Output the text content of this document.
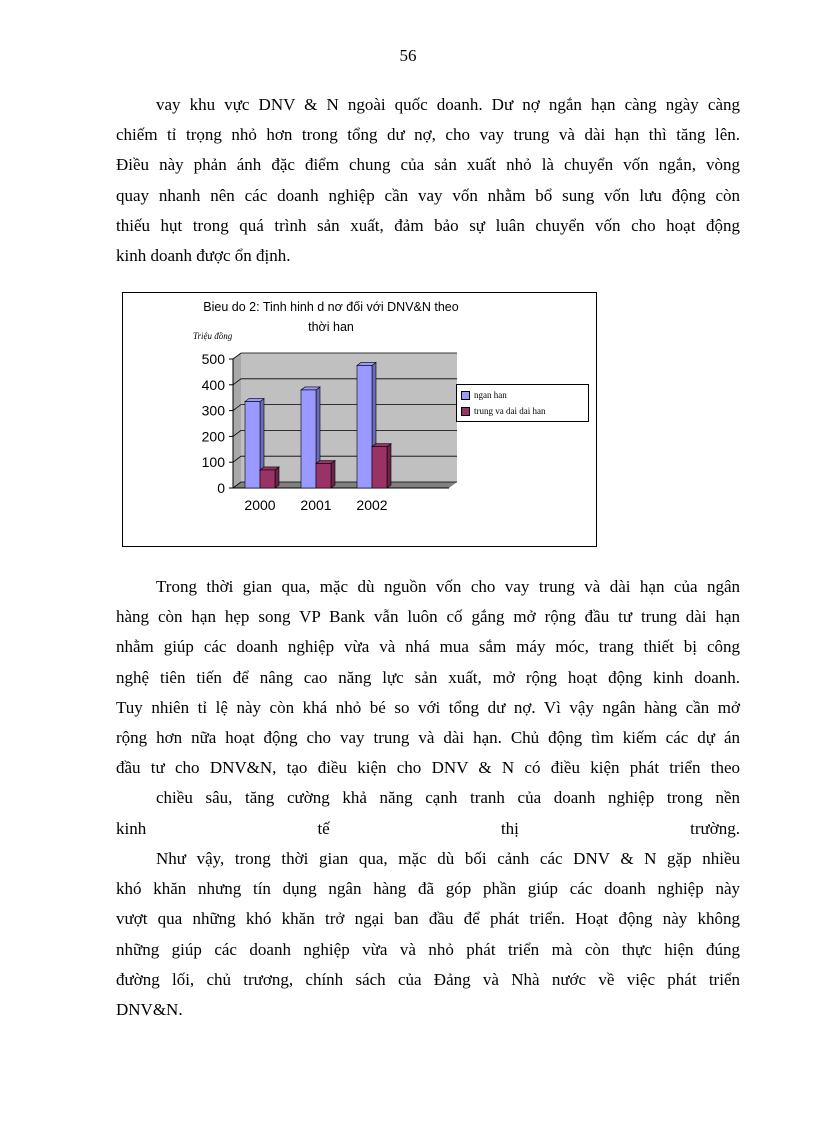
56
vay khu vực DNV & N ngoài quốc doanh. Dư nợ ngắn hạn càng ngày càng
chiếm tỉ trọng nhỏ hơn trong tổng dư nợ, cho vay trung và dài hạn thì tăng lên.
Điều này phản ánh đặc điểm chung của sản xuất nhỏ là chuyển vốn ngắn, vòng
quay nhanh nên các doanh nghiệp cần vay vốn nhằm bổ sung vốn lưu động còn
thiếu hụt trong quá trình sản xuất, đảm bảo sự luân chuyển vốn cho hoạt động
kinh doanh được ổn định.
Bieu do 2: Tinh hinh d nơ đối với DNV&N theo
thời han
Triệu đồng
0
100
200
300
400
500
2000 2001 2002
ngan han
trung va dai dai han
Trong thời gian qua, mặc dù nguồn vốn cho vay trung và dài hạn của ngân
hàng còn hạn hẹp song VP Bank vẫn luôn cố gắng mở rộng đầu tư trung dài hạn
nhằm giúp các doanh nghiệp vừa và nhá mua sắm máy móc, trang thiết bị công
nghệ tiên tiến để nâng cao năng lực sản xuất, mở rộng hoạt động kinh doanh.
Tuy nhiên tỉ lệ này còn khá nhỏ bé so với tổng dư nợ. Vì vậy ngân hàng cần mở
rộng hơn nữa hoạt động cho vay trung và dài hạn. Chủ động tìm kiếm các dự án
đầu tư cho DNV&N, tạo điều kiện cho DNV & N có điều kiện phát triển theo
chiều sâu, tăng cường khả năng cạnh tranh của doanh nghiệp trong nền
kinh	tế	thị	trường.
Như vậy, trong thời gian qua, mặc dù bối cảnh các DNV & N gặp nhiều
khó khăn nhưng tín dụng ngân hàng đã góp phần giúp các doanh nghiệp này
vượt qua những khó khăn trở ngại ban đầu để phát triển. Hoạt động này không
những giúp các doanh nghiệp vừa và nhỏ phát triển mà còn thực hiện đúng
đường lối, chủ trương, chính sách của Đảng và Nhà nước về việc phát triển
DNV&N.
